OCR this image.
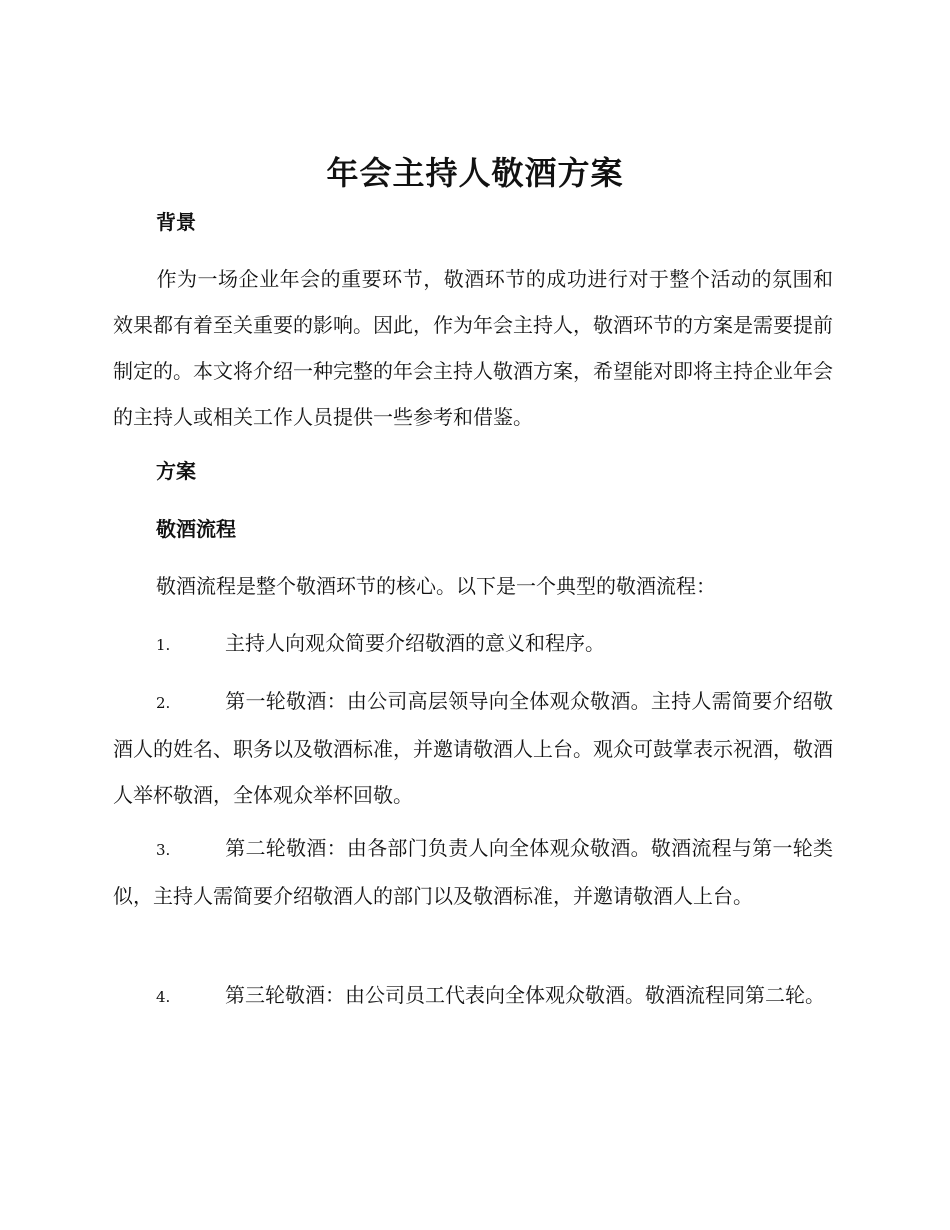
年会主持人敬酒方案
背景
作为一场企业年会的重要环节，敬酒环节的成功进行对于整个活动的氛围和效果都有着至关重要的影响。因此，作为年会主持人，敬酒环节的方案是需要提前制定的。本文将介绍一种完整的年会主持人敬酒方案，希望能对即将主持企业年会的主持人或相关工作人员提供一些参考和借鉴。
方案
敬酒流程
敬酒流程是整个敬酒环节的核心。以下是一个典型的敬酒流程：
1.	主持人向观众简要介绍敬酒的意义和程序。
2.	第一轮敬酒：由公司高层领导向全体观众敬酒。主持人需简要介绍敬酒人的姓名、职务以及敬酒标准，并邀请敬酒人上台。观众可鼓掌表示祝酒，敬酒人举杯敬酒，全体观众举杯回敬。
3.	第二轮敬酒：由各部门负责人向全体观众敬酒。敬酒流程与第一轮类似，主持人需简要介绍敬酒人的部门以及敬酒标准，并邀请敬酒人上台。
4.	第三轮敬酒：由公司员工代表向全体观众敬酒。敬酒流程同第二轮。
